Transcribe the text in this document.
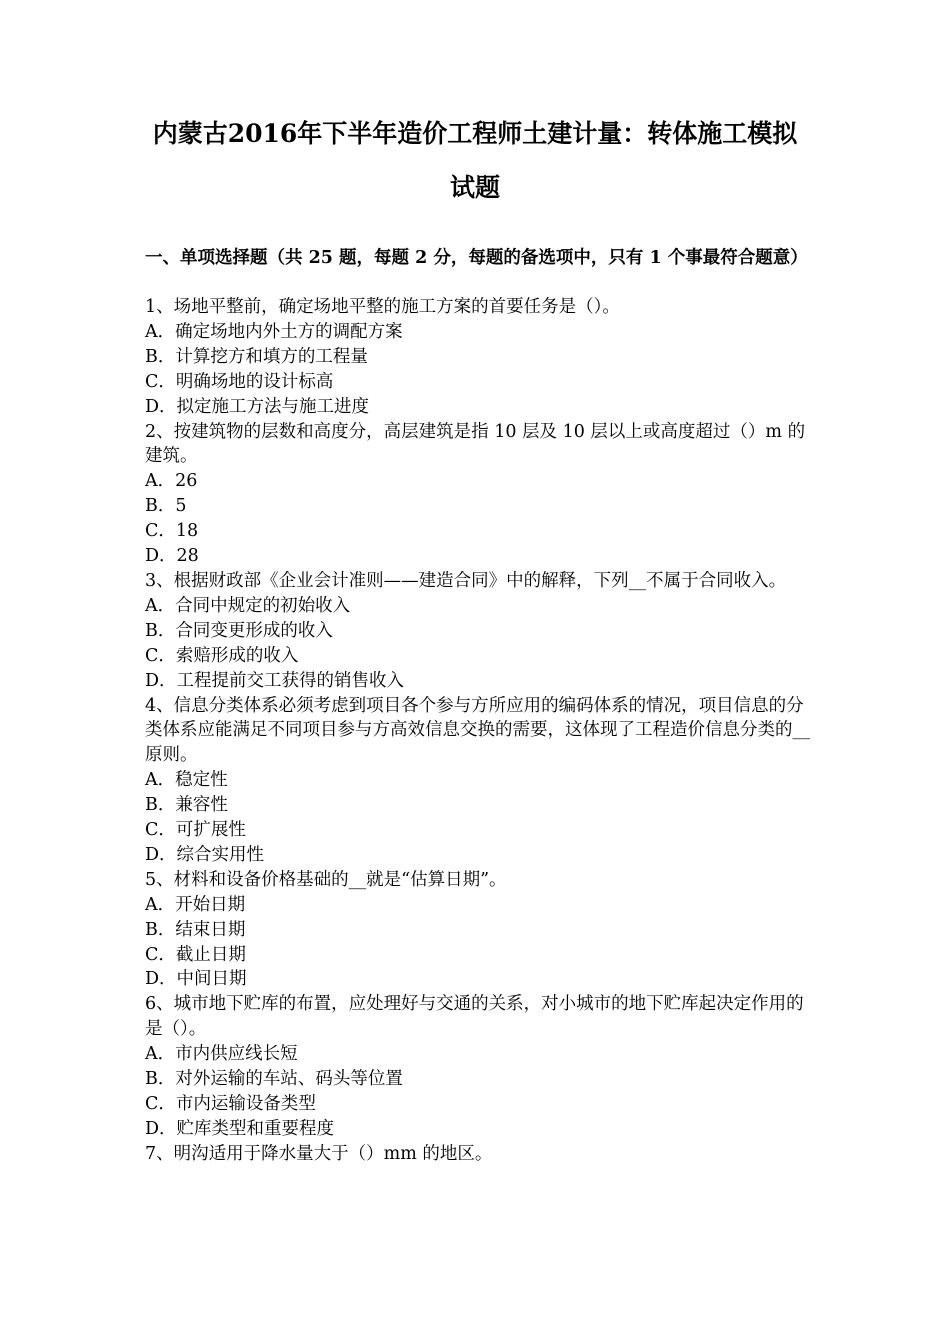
内蒙古2016年下半年造价工程师土建计量：转体施工模拟
试题
一、单项选择题（共 25 题，每题 2 分，每题的备选项中，只有 1 个事最符合题意）

1、场地平整前，确定场地平整的施工方案的首要任务是（）。

A．确定场地内外土方的调配方案

B．计算挖方和填方的工程量

C．明确场地的设计标高

D．拟定施工方法与施工进度

2、按建筑物的层数和高度分，高层建筑是指 10 层及 10 层以上或高度超过（）m 的建筑。

A．26

B．5

C．18

D．28

3、根据财政部《企业会计准则——建造合同》中的解释，下列__不属于合同收入。

A．合同中规定的初始收入

B．合同变更形成的收入

C．索赔形成的收入

D．工程提前交工获得的销售收入

4、信息分类体系必须考虑到项目各个参与方所应用的编码体系的情况，项目信息的分类体系应能满足不同项目参与方高效信息交换的需要，这体现了工程造价信息分类的__原则。

A．稳定性

B．兼容性

C．可扩展性

D．综合实用性

5、材料和设备价格基础的__就是“估算日期”。

A．开始日期

B．结束日期

C．截止日期

D．中间日期

6、城市地下贮库的布置，应处理好与交通的关系，对小城市的地下贮库起决定作用的是（）。

A．市内供应线长短

B．对外运输的车站、码头等位置

C．市内运输设备类型

D．贮库类型和重要程度

7、明沟适用于降水量大于（）mm 的地区。
